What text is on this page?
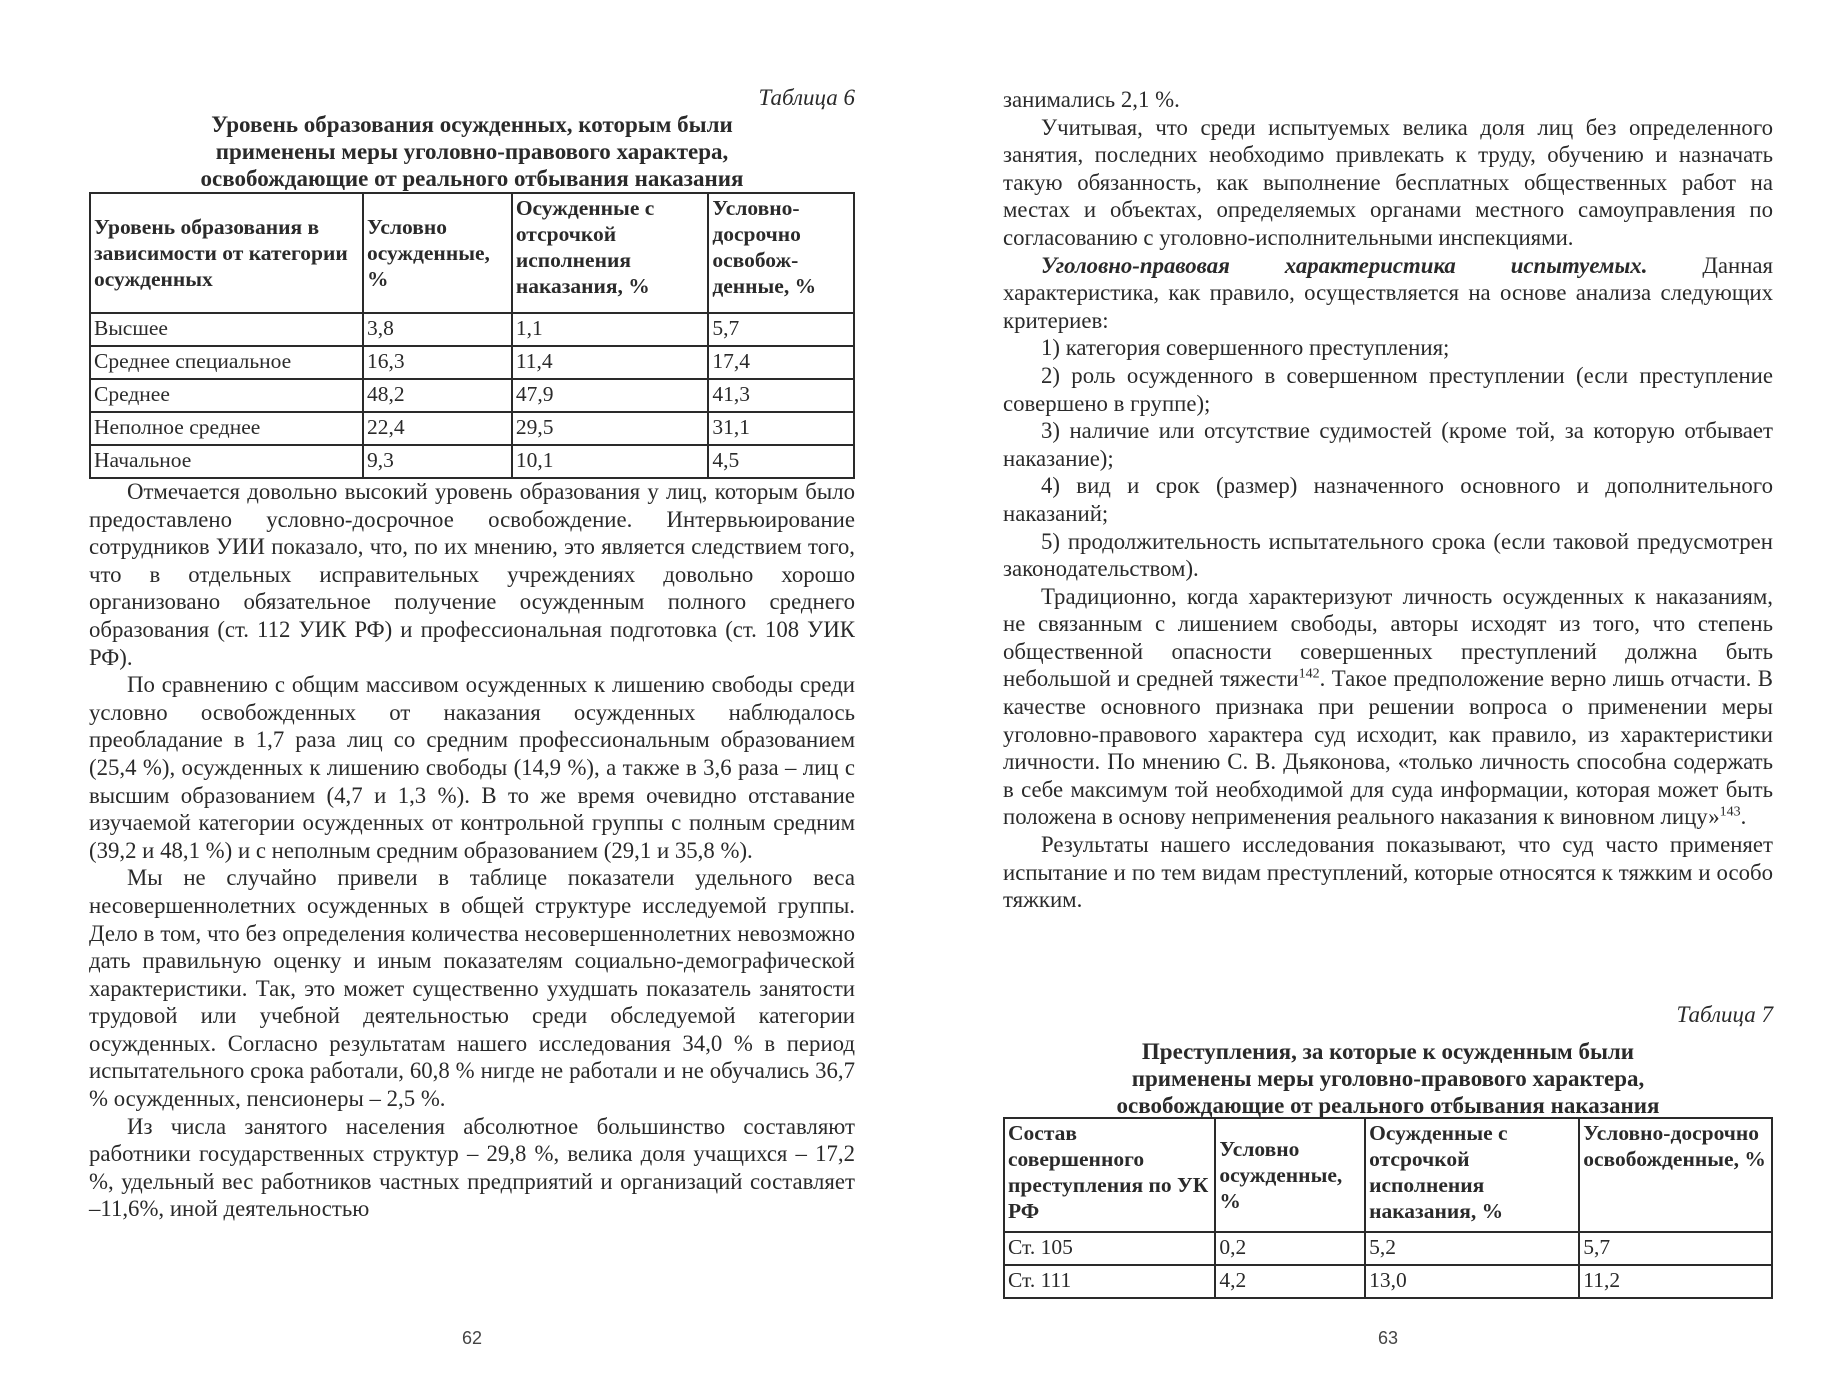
Таблица 6

Уровень образования осужденных, которым были

применены меры уголовно-правового характера,

освобождающие от реального отбывания наказания

Уровень образования в зависимости от категории осужденных	Условно осужденные, %	Осужденные с отсрочкой исполнения наказания, %	Условно-досрочно освобож-денные, %
Высшее	3,8	1,1	5,7
Среднее специальное	16,3	11,4	17,4
Среднее	48,2	47,9	41,3
Неполное среднее	22,4	29,5	31,1
Начальное	9,3	10,1	4,5

Отмечается довольно высокий уровень образования у лиц, которым было предоставлено условно-досрочное освобождение. Интервьюирование сотрудников УИИ показало, что, по их мнению, это является следствием того, что в отдельных исправительных учреждениях довольно хорошо организовано обязательное получение осужденным полного среднего образования (ст. 112 УИК РФ) и профессиональная подготовка (ст. 108 УИК РФ).

По сравнению с общим массивом осужденных к лишению свободы среди условно освобожденных от наказания осужденных наблюдалось преобладание в 1,7 раза лиц со средним профессиональным образованием (25,4 %), осужденных к лишению свободы (14,9 %), а также в 3,6 раза – лиц с высшим образованием (4,7 и 1,3 %). В то же время очевидно отставание изучаемой категории осужденных от контрольной группы с полным средним (39,2 и 48,1 %) и с неполным средним образованием (29,1 и 35,8 %).

Мы не случайно привели в таблице показатели удельного веса несовершеннолетних осужденных в общей структуре исследуемой группы. Дело в том, что без определения количества несовершеннолетних невозможно дать правильную оценку и иным показателям социально-демографической характеристики. Так, это может существенно ухудшать показатель занятости трудовой или учебной деятельностью среди обследуемой категории осужденных. Согласно результатам нашего исследования 34,0 % в период испытательного срока работали, 60,8 % нигде не работали и не обучались 36,7 % осужденных, пенсионеры – 2,5 %.

Из числа занятого населения абсолютное большинство составляют работники государственных структур – 29,8 %, велика доля учащихся – 17,2 %, удельный вес работников частных предприятий и организаций составляет –11,6%, иной деятельностью

62

занимались 2,1 %.

Учитывая, что среди испытуемых велика доля лиц без определенного занятия, последних необходимо привлекать к труду, обучению и назначать такую обязанность, как выполнение бесплатных общественных работ на местах и объектах, определяемых органами местного самоуправления по согласованию с уголовно-исполнительными инспекциями.

Уголовно-правовая характеристика испытуемых. Данная характеристика, как правило, осуществляется на основе анализа следующих критериев:

1) категория совершенного преступления;

2) роль осужденного в совершенном преступлении (если преступление совершено в группе);

3) наличие или отсутствие судимостей (кроме той, за которую отбывает наказание);

4) вид и срок (размер) назначенного основного и дополнительного наказаний;

5) продолжительность испытательного срока (если таковой предусмотрен законодательством).

Традиционно, когда характеризуют личность осужденных к наказаниям, не связанным с лишением свободы, авторы исходят из того, что степень общественной опасности совершенных преступлений должна быть небольшой и средней тяжести$^{142}$. Такое предположение верно лишь отчасти. В качестве основного признака при решении вопроса о применении меры уголовно-правового характера суд исходит, как правило, из характеристики личности. По мнению С. В. Дьяконова, «только личность способна содержать в себе максимум той необходимой для суда информации, которая может быть положена в основу неприменения реального наказания к виновном лицу»$^{143}$.

Результаты нашего исследования показывают, что суд часто применяет испытание и по тем видам преступлений, которые относятся к тяжким и особо тяжким.

Таблица 7

Преступления, за которые к осужденным были

применены меры уголовно-правового характера,

освобождающие от реального отбывания наказания

Состав совершенного преступления по УК РФ	Условно осужденные, %	Осужденные с отсрочкой исполнения наказания, %	Условно-досрочно освобожденные, %
Ст. 105	0,2	5,2	5,7
Ст. 111	4,2	13,0	11,2
63
